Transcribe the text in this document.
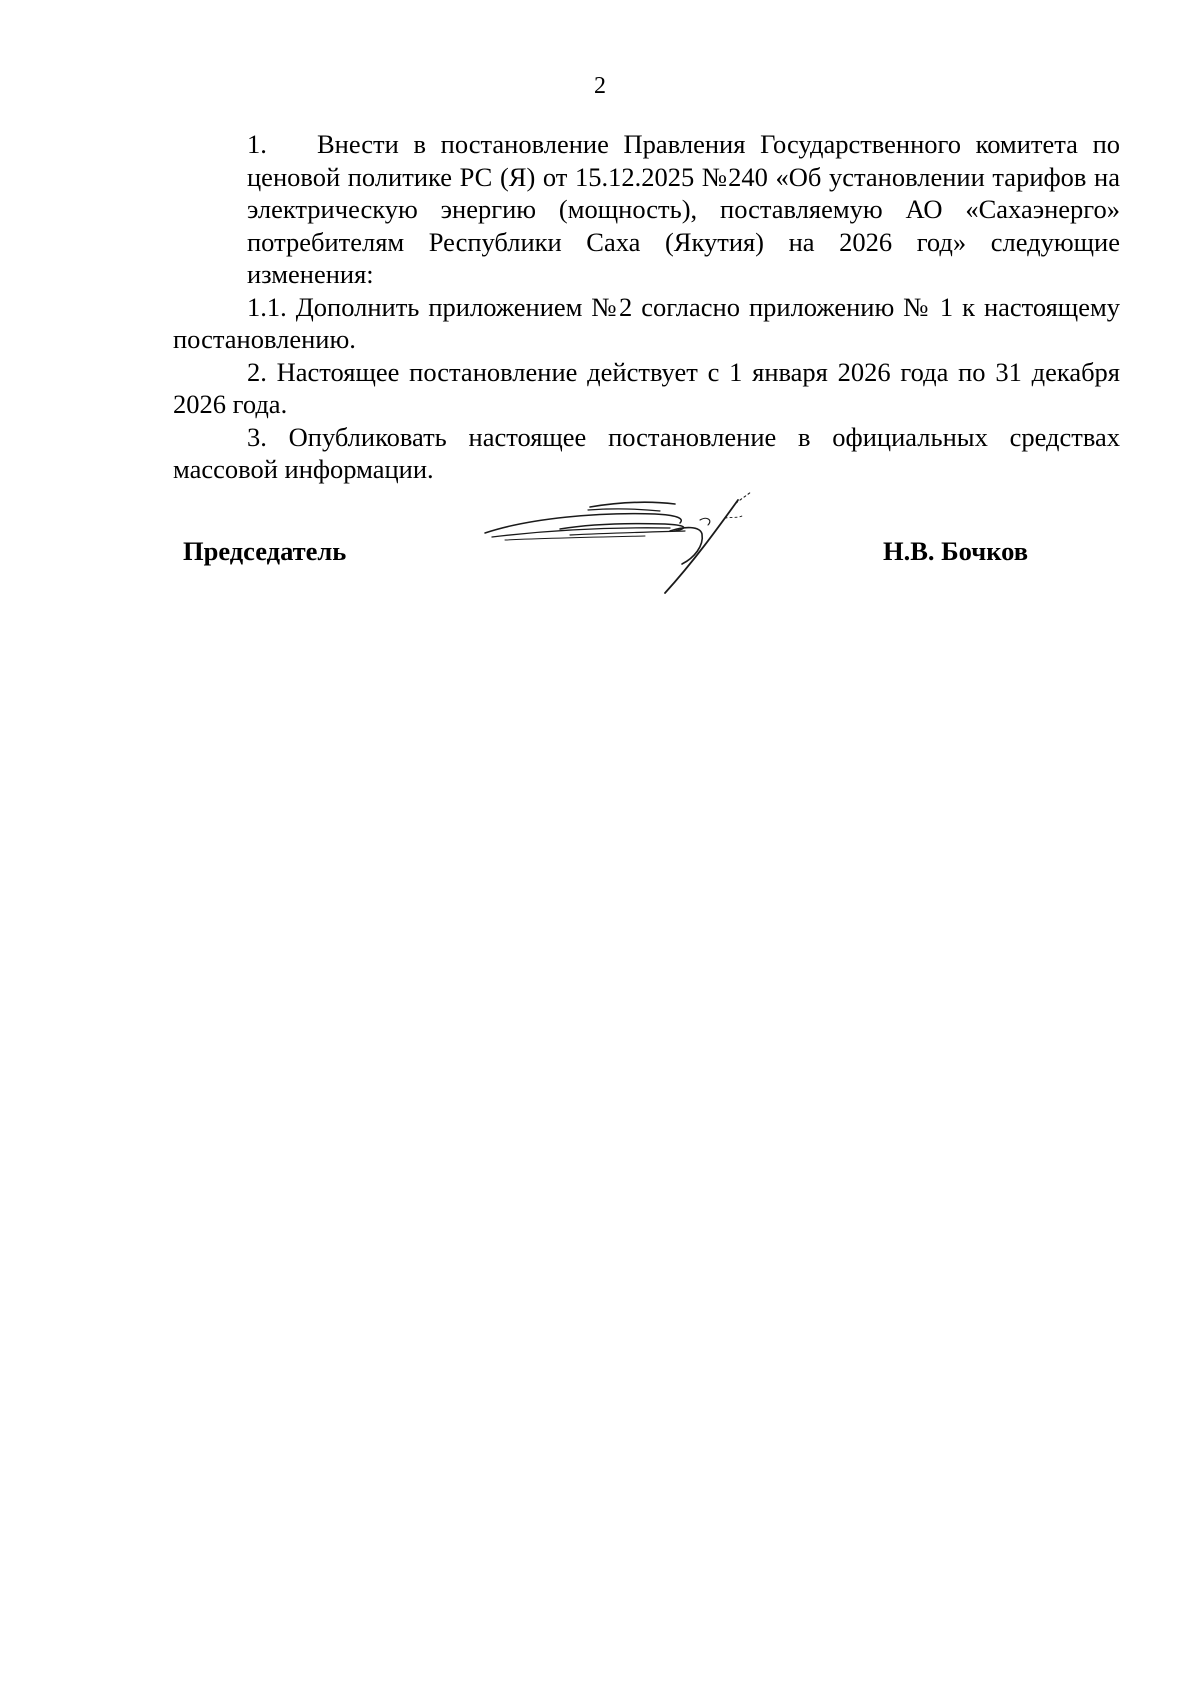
2

1. Внести в постановление Правления Государственного комитета по ценовой политике РС (Я) от 15.12.2025 №240 «Об установлении тарифов на электрическую энергию (мощность), поставляемую АО «Сахаэнерго» потребителям Республики Саха (Якутия) на 2026 год» следующие изменения:

1.1. Дополнить приложением №2 согласно приложению № 1 к настоящему постановлению.

2. Настоящее постановление действует с 1 января 2026 года по 31 декабря 2026 года.

3. Опубликовать настоящее постановление в официальных средствах массовой информации.

Председатель	Н.В. Бочков
